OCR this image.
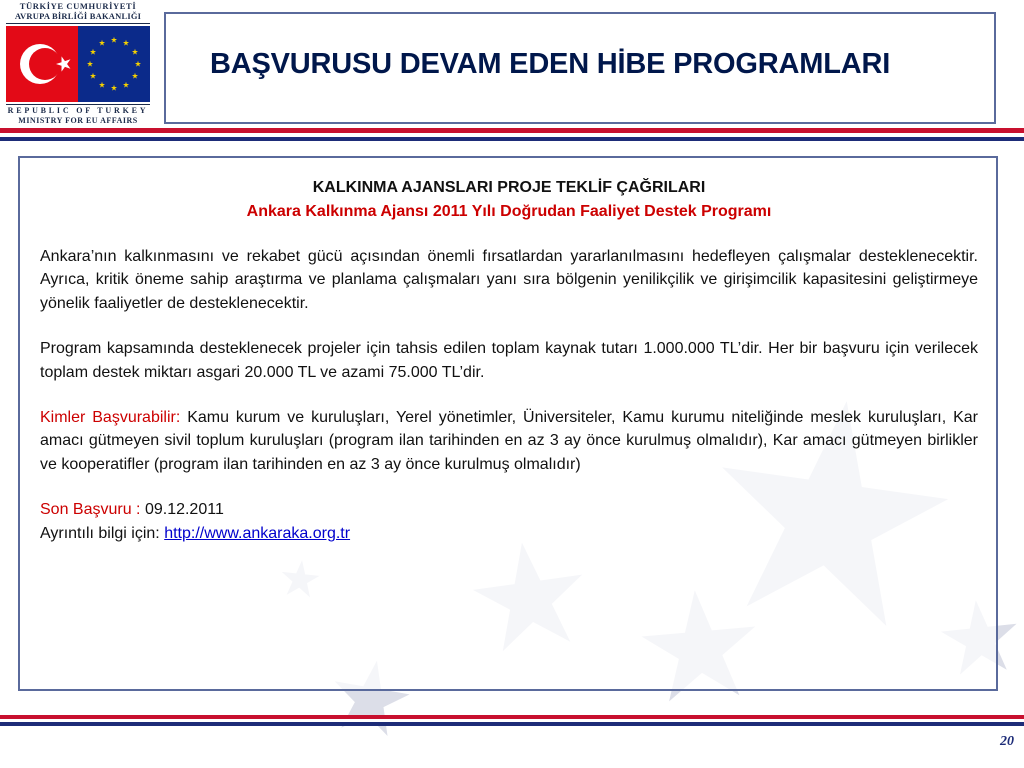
TÜRKİYE CUMHURİYETİ
AVRUPA BİRLİĞİ BAKANLIĞI
REPUBLIC OF TURKEY
MINISTRY FOR EU AFFAIRS
BAŞVURUSU DEVAM EDEN HİBE PROGRAMLARI

KALKINMA AJANSLARI PROJE TEKLİF ÇAĞRILARI

Ankara Kalkınma Ajansı 2011 Yılı Doğrudan Faaliyet Destek Programı

Ankara’nın kalkınmasını ve rekabet gücü açısından önemli fırsatlardan yararlanılmasını hedefleyen çalışmalar desteklenecektir. Ayrıca, kritik öneme sahip araştırma ve planlama çalışmaları yanı sıra bölgenin yenilikçilik ve girişimcilik kapasitesini geliştirmeye yönelik faaliyetler de desteklenecektir.

Program kapsamında desteklenecek projeler için tahsis edilen toplam kaynak tutarı 1.000.000 TL’dir. Her bir başvuru için verilecek toplam destek miktarı asgari 20.000 TL ve azami 75.000 TL’dir.

Kimler Başvurabilir: Kamu kurum ve kuruluşları, Yerel yönetimler, Üniversiteler, Kamu kurumu niteliğinde meslek kuruluşları, Kar amacı gütmeyen sivil toplum kuruluşları (program ilan tarihinden en az 3 ay önce kurulmuş olmalıdır), Kar amacı gütmeyen birlikler ve kooperatifler (program ilan tarihinden en az 3 ay önce kurulmuş olmalıdır)

Son Başvuru : 09.12.2011

Ayrıntılı bilgi için: http://www.ankaraka.org.tr

20
